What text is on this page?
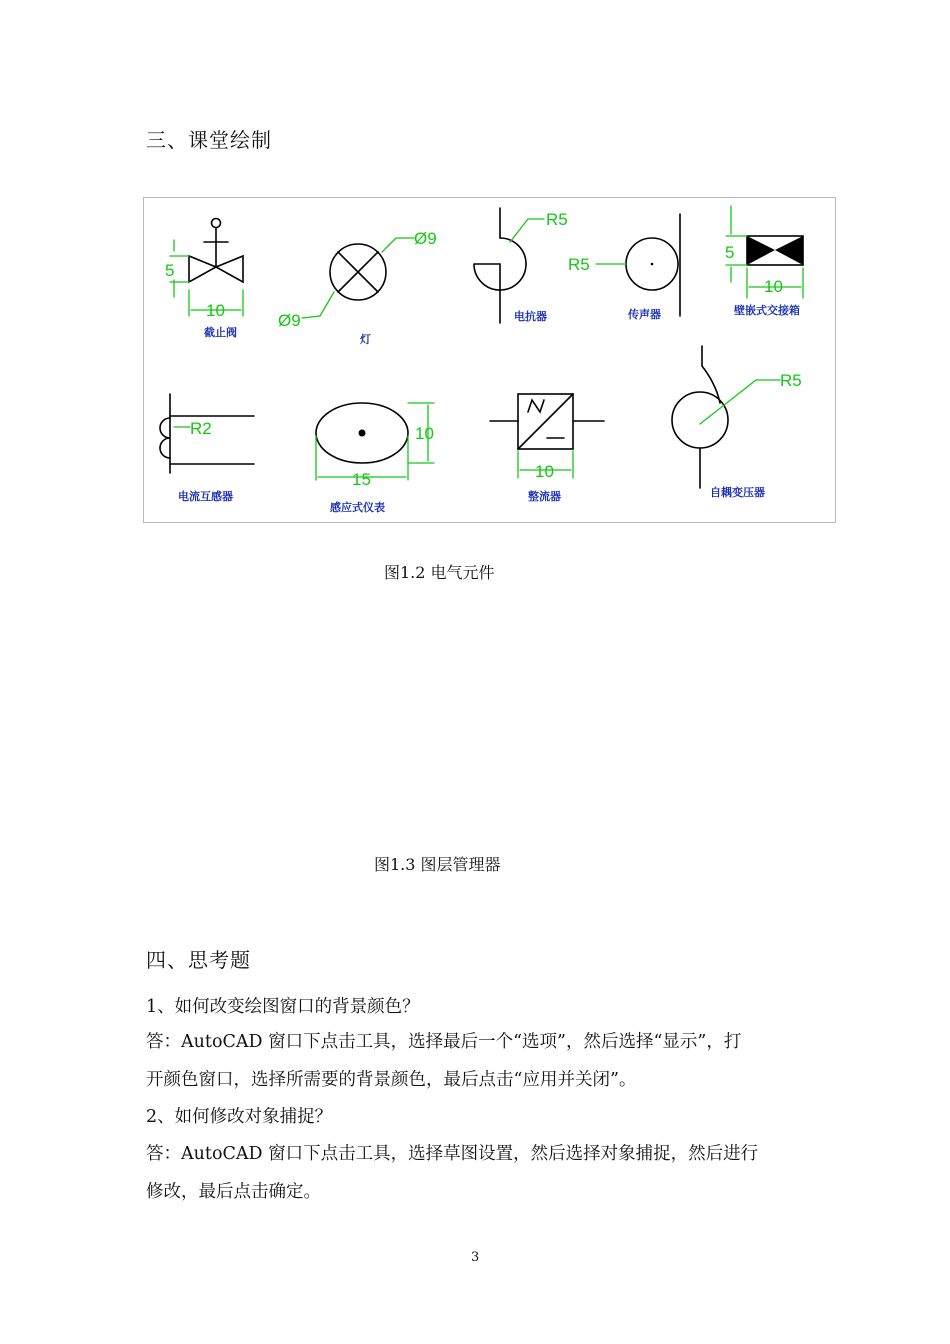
三、课堂绘制
5
10
截止阀
Ø9
Ø9
灯
R5
电抗器
R5
传声器
5
10
壁嵌式交接箱
R2
电流互感器
10
15
感应式仪表
10
整流器
R5
自耦变压器
图1.2 电气元件
图1.3 图层管理器
四、思考题
1、如何改变绘图窗口的背景颜色？
答：AutoCAD 窗口下点击工具，选择最后一个“选项”，然后选择“显示”，打
开颜色窗口，选择所需要的背景颜色，最后点击“应用并关闭”。
2、如何修改对象捕捉？
答：AutoCAD 窗口下点击工具，选择草图设置，然后选择对象捕捉，然后进行
修改，最后点击确定。
3
